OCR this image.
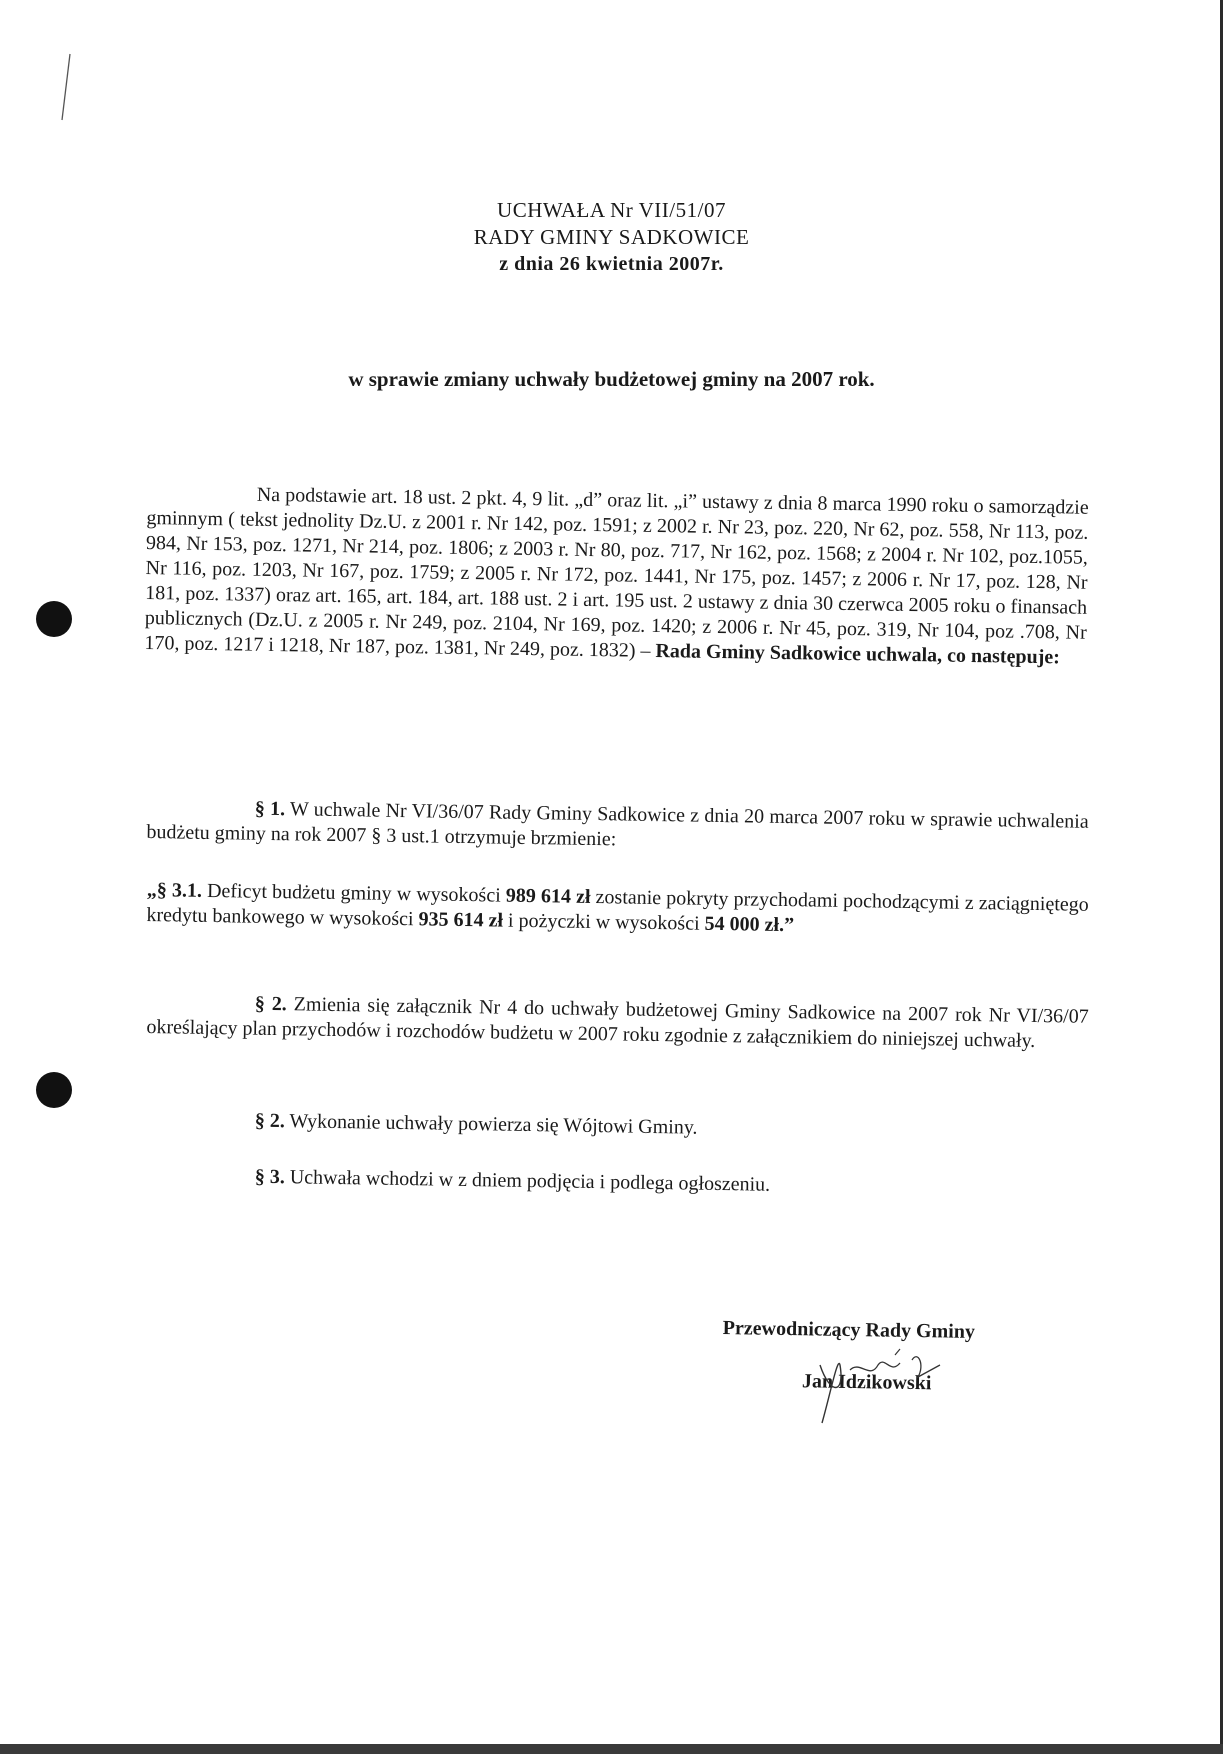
UCHWAŁA Nr VII/51/07
RADY GMINY SADKOWICE
z dnia 26 kwietnia 2007r.
w sprawie zmiany uchwały budżetowej gminy na 2007 rok.
Na podstawie art. 18 ust. 2 pkt. 4, 9 lit. „d” oraz lit. „i” ustawy z dnia 8 marca 1990 roku o samorządzie gminnym ( tekst jednolity Dz.U. z 2001 r. Nr 142, poz. 1591; z 2002 r. Nr 23, poz. 220, Nr 62, poz. 558, Nr 113, poz. 984, Nr 153, poz. 1271, Nr 214, poz. 1806; z 2003 r. Nr 80, poz. 717, Nr 162, poz. 1568; z 2004 r. Nr 102, poz.1055, Nr 116, poz. 1203, Nr 167, poz. 1759; z 2005 r. Nr 172, poz. 1441, Nr 175, poz. 1457; z 2006 r. Nr 17, poz. 128, Nr 181, poz. 1337) oraz art. 165, art. 184, art. 188 ust. 2 i art. 195 ust. 2 ustawy z dnia 30 czerwca 2005 roku o finansach publicznych (Dz.U. z 2005 r. Nr 249, poz. 2104, Nr 169, poz. 1420; z 2006 r. Nr 45, poz. 319, Nr 104, poz .708, Nr 170, poz. 1217 i 1218, Nr 187, poz. 1381, Nr 249, poz. 1832) – Rada Gminy Sadkowice uchwala, co następuje:
§ 1. W uchwale Nr VI/36/07 Rady Gminy Sadkowice z dnia 20 marca 2007 roku w sprawie uchwalenia budżetu gminy na rok 2007 § 3 ust.1 otrzymuje brzmienie:
„§ 3.1. Deficyt budżetu gminy w wysokości 989 614 zł zostanie pokryty przychodami pochodzącymi z zaciągniętego kredytu bankowego w wysokości 935 614 zł i pożyczki w wysokości 54 000 zł.”
§ 2. Zmienia się załącznik Nr 4 do uchwały budżetowej Gminy Sadkowice na 2007 rok Nr VI/36/07 określający plan przychodów i rozchodów budżetu w 2007 roku zgodnie z załącznikiem do niniejszej uchwały.
§ 2. Wykonanie uchwały powierza się Wójtowi Gminy.
§ 3. Uchwała wchodzi w z dniem podjęcia i podlega ogłoszeniu.
Przewodniczący Rady Gminy
Jan Idzikowski
